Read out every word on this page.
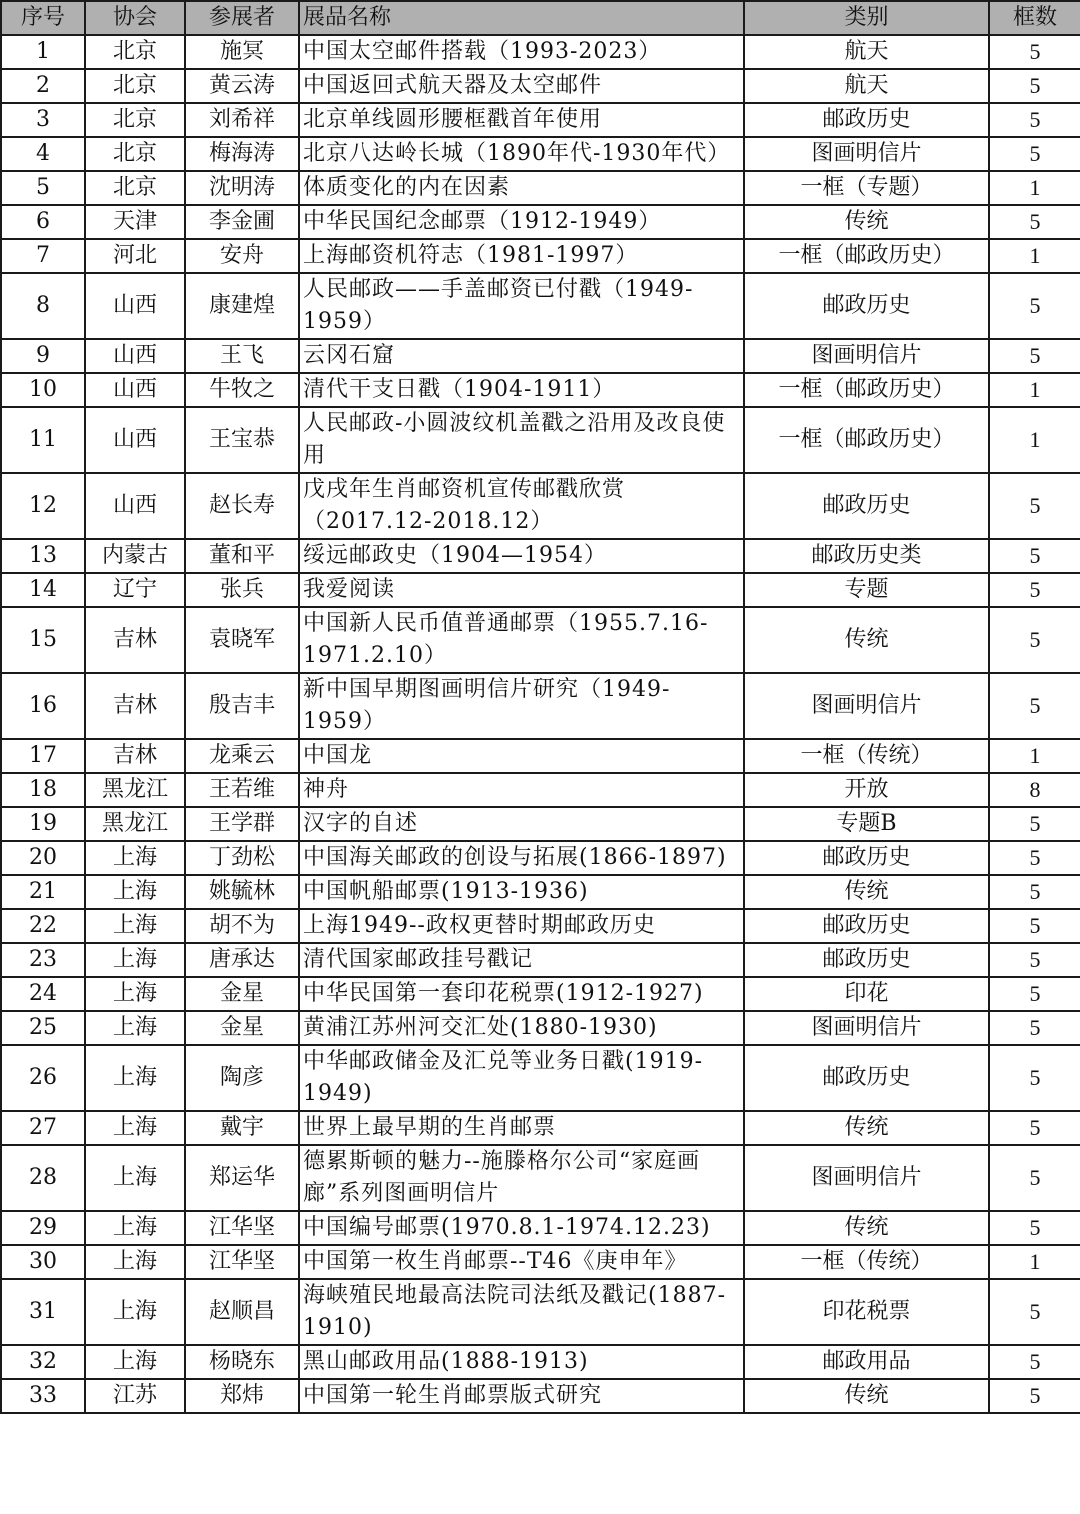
序号	协会	参展者	展品名称	类别	框数
1	北京	施冥	中国太空邮件搭载（1993-2023）	航天	5
2	北京	黄云涛	中国返回式航天器及太空邮件	航天	5
3	北京	刘希祥	北京单线圆形腰框戳首年使用	邮政历史	5
4	北京	梅海涛	北京八达岭长城（1890年代-1930年代）	图画明信片	5
5	北京	沈明涛	体质变化的内在因素	一框（专题）	1
6	天津	李金圃	中华民国纪念邮票（1912-1949）	传统	5
7	河北	安舟	上海邮资机符志（1981-1997）	一框（邮政历史）	1
8	山西	康建煌	人民邮政——手盖邮资已付戳（1949-1959）	邮政历史	5
9	山西	王飞	云冈石窟	图画明信片	5
10	山西	牛牧之	清代干支日戳（1904-1911）	一框（邮政历史）	1
11	山西	王宝恭	人民邮政-小圆波纹机盖戳之沿用及改良使用	一框（邮政历史）	1
12	山西	赵长寿	戊戌年生肖邮资机宣传邮戳欣赏（2017.12-2018.12）	邮政历史	5
13	内蒙古	董和平	绥远邮政史（1904—1954）	邮政历史类	5
14	辽宁	张兵	我爱阅读	专题	5
15	吉林	袁晓军	中国新人民币值普通邮票（1955.7.16-1971.2.10）	传统	5
16	吉林	殷吉丰	新中国早期图画明信片研究（1949-1959）	图画明信片	5
17	吉林	龙乘云	中国龙	一框（传统）	1
18	黑龙江	王若维	神舟	开放	8
19	黑龙江	王学群	汉字的自述	专题B	5
20	上海	丁劲松	中国海关邮政的创设与拓展(1866-1897)	邮政历史	5
21	上海	姚毓林	中国帆船邮票(1913-1936)	传统	5
22	上海	胡不为	上海1949--政权更替时期邮政历史	邮政历史	5
23	上海	唐承达	清代国家邮政挂号戳记	邮政历史	5
24	上海	金星	中华民国第一套印花税票(1912-1927)	印花	5
25	上海	金星	黄浦江苏州河交汇处(1880-1930)	图画明信片	5
26	上海	陶彦	中华邮政储金及汇兑等业务日戳(1919-1949)	邮政历史	5
27	上海	戴宇	世界上最早期的生肖邮票	传统	5
28	上海	郑运华	德累斯顿的魅力--施滕格尔公司“家庭画廊”系列图画明信片	图画明信片	5
29	上海	江华坚	中国编号邮票(1970.8.1-1974.12.23)	传统	5
30	上海	江华坚	中国第一枚生肖邮票--T46《庚申年》	一框（传统）	1
31	上海	赵顺昌	海峡殖民地最高法院司法纸及戳记(1887-1910)	印花税票	5
32	上海	杨晓东	黑山邮政用品(1888-1913)	邮政用品	5
33	江苏	郑炜	中国第一轮生肖邮票版式研究	传统	5
